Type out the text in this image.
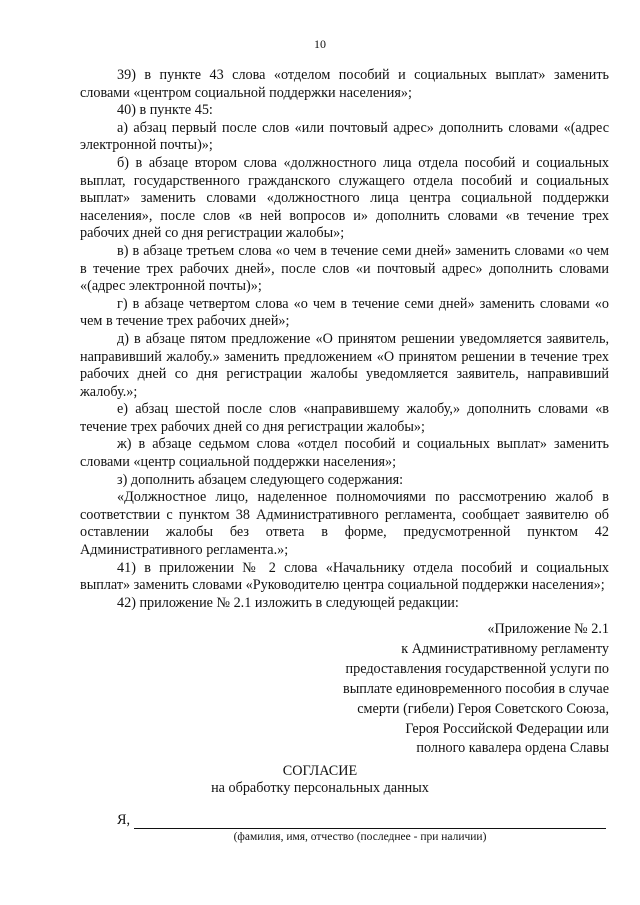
10

39) в пункте 43 слова «отделом пособий и социальных выплат» заменить словами «центром социальной поддержки населения»;

40) в пункте 45:

а) абзац первый после слов «или почтовый адрес» дополнить словами «(адрес электронной почты)»;

б) в абзаце втором слова «должностного лица отдела пособий и социальных выплат, государственного гражданского служащего отдела пособий и социальных выплат» заменить словами «должностного лица центра социальной поддержки населения», после слов «в ней вопросов и» дополнить словами «в течение трех рабочих дней со дня регистрации жалобы»;

в) в абзаце третьем слова «о чем в течение семи дней» заменить словами «о чем в течение трех рабочих дней», после слов «и почтовый адрес» дополнить словами «(адрес электронной почты)»;

г) в абзаце четвертом слова «о чем в течение семи дней» заменить словами «о чем в течение трех рабочих дней»;

д) в абзаце пятом предложение «О принятом решении уведомляется заявитель, направивший жалобу.» заменить предложением «О принятом решении в течение трех рабочих дней со дня регистрации жалобы уведомляется заявитель, направивший жалобу.»;

е) абзац шестой после слов «направившему жалобу,» дополнить словами «в течение трех рабочих дней со дня регистрации жалобы»;

ж) в абзаце седьмом слова «отдел пособий и социальных выплат» заменить словами «центр социальной поддержки населения»;

з) дополнить абзацем следующего содержания:

«Должностное лицо, наделенное полномочиями по рассмотрению жалоб в соответствии с пунктом 38 Административного регламента, сообщает заявителю об оставлении жалобы без ответа в форме, предусмотренной пунктом 42 Административного регламента.»;

41) в приложении № 2 слова «Начальнику отдела пособий и социальных выплат» заменить словами «Руководителю центра социальной поддержки населения»;

42) приложение № 2.1 изложить в следующей редакции:

«Приложение № 2.1
к Административному регламенту
предоставления государственной услуги по
выплате единовременного пособия в случае
смерти (гибели) Героя Советского Союза,
Героя Российской Федерации или
полного кавалера ордена Славы
СОГЛАСИЕ
на обработку персональных данных
Я,
(фамилия, имя, отчество (последнее - при наличии)
